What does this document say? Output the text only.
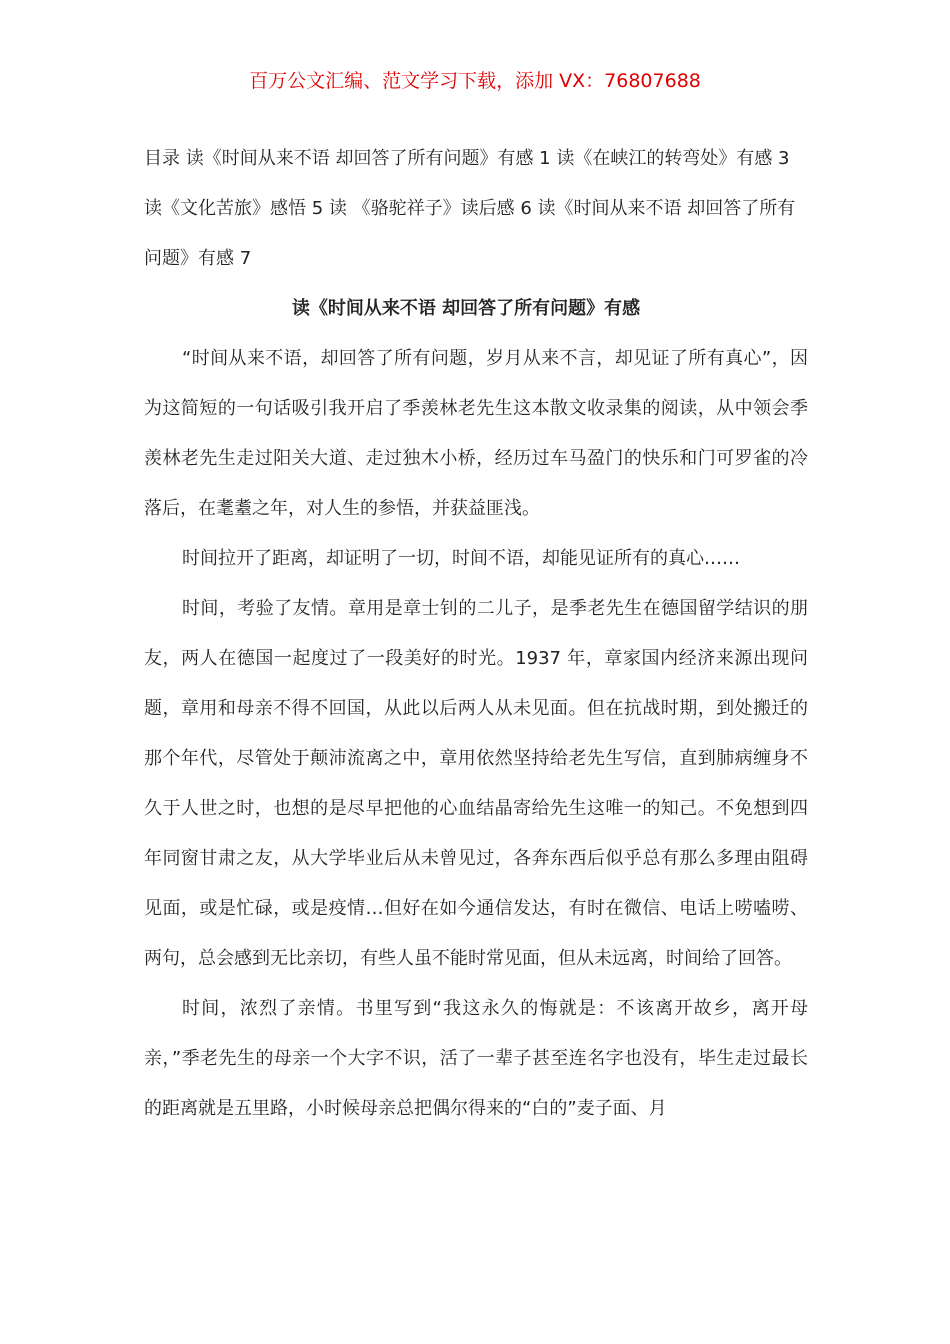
百万公文汇编、范文学习下载，添加 VX：76807688

目录 读《时间从来不语 却回答了所有问题》有感 1 读《在峡江的转弯处》有感 3 读《文化苦旅》感悟 5 读 《骆驼祥子》读后感 6 读《时间从来不语 却回答了所有问题》有感 7

读《时间从来不语 却回答了所有问题》有感

“时间从来不语，却回答了所有问题，岁月从来不言，却见证了所有真心”，因为这简短的一句话吸引我开启了季羡林老先生这本散文收录集的阅读，从中领会季羡林老先生走过阳关大道、走过独木小桥，经历过车马盈门的快乐和门可罗雀的冷落后，在耄耋之年，对人生的参悟，并获益匪浅。

时间拉开了距离，却证明了一切，时间不语，却能见证所有的真心……

时间，考验了友情。章用是章士钊的二儿子，是季老先生在德国留学结识的朋友，两人在德国一起度过了一段美好的时光。1937 年，章家国内经济来源出现问题，章用和母亲不得不回国，从此以后两人从未见面。但在抗战时期，到处搬迁的那个年代，尽管处于颠沛流离之中，章用依然坚持给老先生写信，直到肺病缠身不久于人世之时，也想的是尽早把他的心血结晶寄给先生这唯一的知己。不免想到四年同窗甘肃之友，从大学毕业后从未曾见过，各奔东西后似乎总有那么多理由阻碍见面，或是忙碌，或是疫情…但好在如今通信发达，有时在微信、电话上唠嗑唠、两句，总会感到无比亲切，有些人虽不能时常见面，但从未远离，时间给了回答。

时间，浓烈了亲情。书里写到“我这永久的悔就是：不该离开故乡，离开母亲，”季老先生的母亲一个大字不识，活了一辈子甚至连名字也没有，毕生走过最长的距离就是五里路，小时候母亲总把偶尔得来的“白的”麦子面、月
